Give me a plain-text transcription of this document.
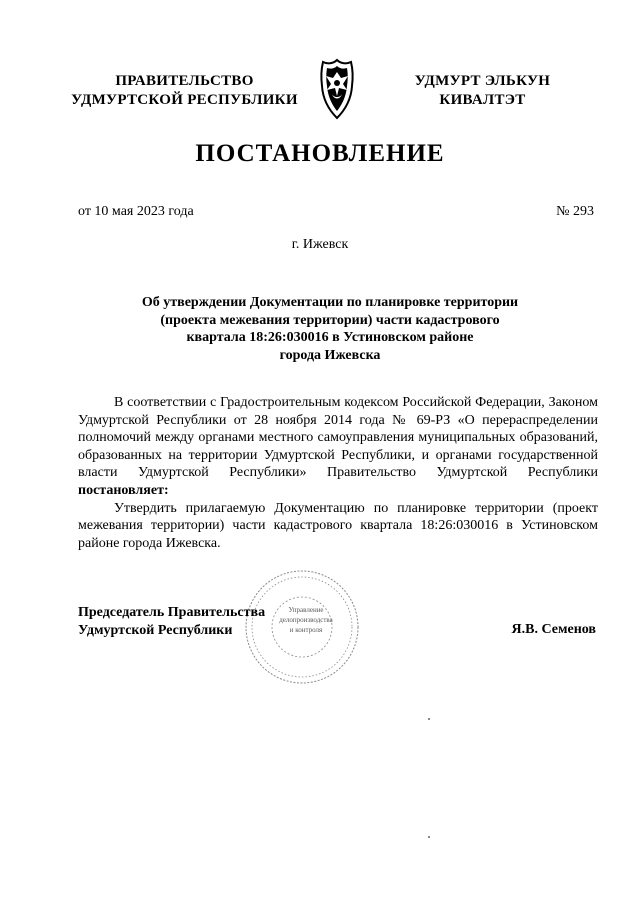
ПРАВИТЕЛЬСТВО
УДМУРТСКОЙ РЕСПУБЛИКИ
УДМУРТ ЭЛЬКУН
КИВАЛТЭТ
ПОСТАНОВЛЕНИЕ
от 10 мая 2023 года	№ 293
г. Ижевск
Об утверждении Документации по планировке территории
(проекта межевания территории) части кадастрового
квартала 18:26:030016 в Устиновском районе
города Ижевска

В соответствии с Градостроительным кодексом Российской Федерации, Законом Удмуртской Республики от 28 ноября 2014 года № 69-РЗ «О перераспределении полномочий между органами местного самоуправления муниципальных образований, образованных на территории Удмуртской Республики, и органами государственной власти Удмуртской Республики» Правительство Удмуртской Республики постановляет:

Утвердить прилагаемую Документацию по планировке территории (проект межевания территории) части кадастрового квартала 18:26:030016 в Устиновском районе города Ижевска.

Управление
делопроизводства
и контроля
Председатель Правительства
Удмуртской Республики	Я.В. Семенов
